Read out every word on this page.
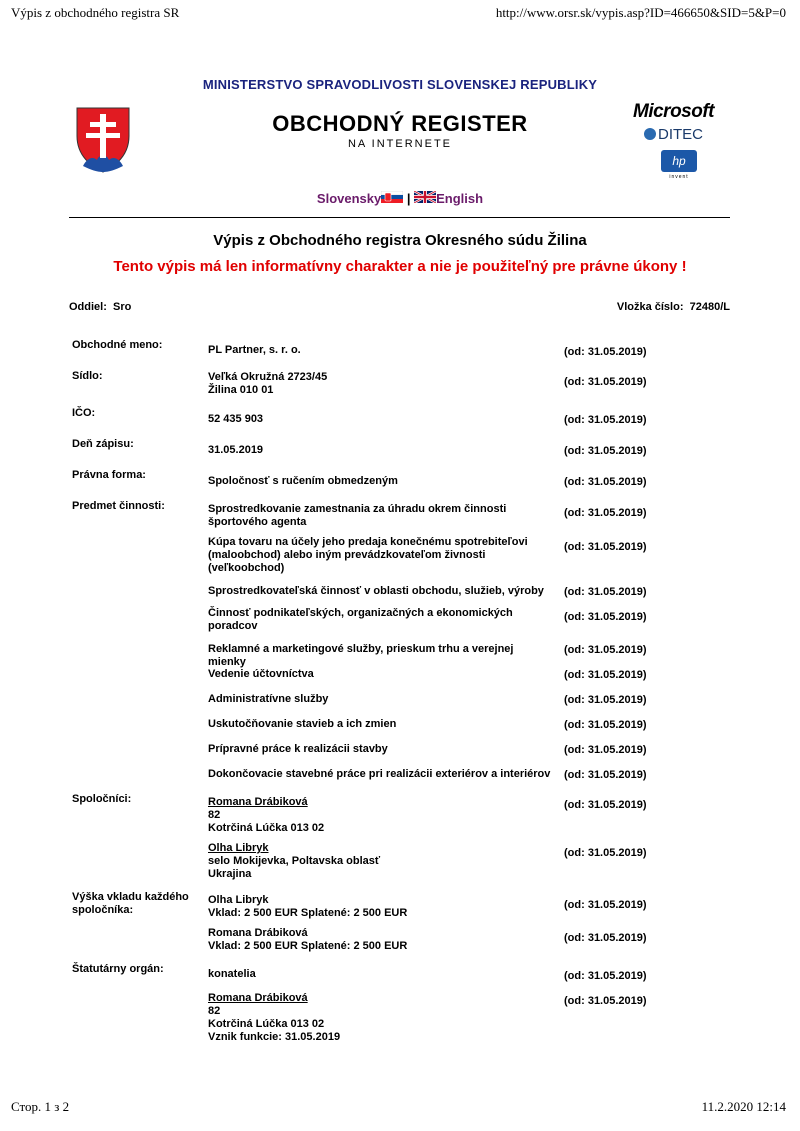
Výpis z obchodného registra SR	http://www.orsr.sk/vypis.asp?ID=466650&SID=5&P=0
MINISTERSTVO SPRAVODLIVOSTI SLOVENSKEJ REPUBLIKY
OBCHODNÝ REGISTER
NA INTERNETE
Microsoft
DITEC
hp
invent
Slovensky | English
Výpis z Obchodného registra Okresného súdu Žilina
Tento výpis má len informatívny charakter a nie je použiteľný pre právne úkony !
Oddiel: Sro	Vložka číslo: 72480/L
Obchodné meno:	PL Partner, s. r. o.	(od: 31.05.2019)
Sídlo:	Veľká Okružná 2723/45
Žilina 010 01
(od: 31.05.2019)
IČO:	52 435 903	(od: 31.05.2019)
Deň zápisu:	31.05.2019	(od: 31.05.2019)
Právna forma:	Spoločnosť s ručením obmedzeným	(od: 31.05.2019)
Predmet činnosti:	Sprostredkovanie zamestnania za úhradu okrem činnosti
športového agenta
(od: 31.05.2019)
Kúpa tovaru na účely jeho predaja konečnému spotrebiteľovi
(maloobchod) alebo iným prevádzkovateľom živnosti
(veľkoobchod)
(od: 31.05.2019)
Sprostredkovateľská činnosť v oblasti obchodu, služieb, výroby	(od: 31.05.2019)
Činnosť podnikateľských, organizačných a ekonomických
poradcov
(od: 31.05.2019)
Reklamné a marketingové služby, prieskum trhu a verejnej mienky
(od: 31.05.2019)
Vedenie účtovníctva	(od: 31.05.2019)
Administratívne služby	(od: 31.05.2019)
Uskutočňovanie stavieb a ich zmien	(od: 31.05.2019)
Prípravné práce k realizácii stavby	(od: 31.05.2019)
Dokončovacie stavebné práce pri realizácii exteriérov a interiérov (od: 31.05.2019)
Spoločníci:	Romana Drábiková
82
Kotrčiná Lúčka 013 02
(od: 31.05.2019)
Olha Libryk
selo Mokijevka, Poltavska oblasť
Ukrajina
(od: 31.05.2019)
Výška vkladu každého
spoločníka:
Olha Libryk
Vklad: 2 500 EUR Splatené: 2 500 EUR
(od: 31.05.2019)
Romana Drábiková
Vklad: 2 500 EUR Splatené: 2 500 EUR
(od: 31.05.2019)
Štatutárny orgán:	konatelia	(od: 31.05.2019)
Romana Drábiková
82
Kotrčiná Lúčka 013 02
Vznik funkcie: 31.05.2019
(od: 31.05.2019)
Стор. 1 з 2	11.2.2020 12:14
